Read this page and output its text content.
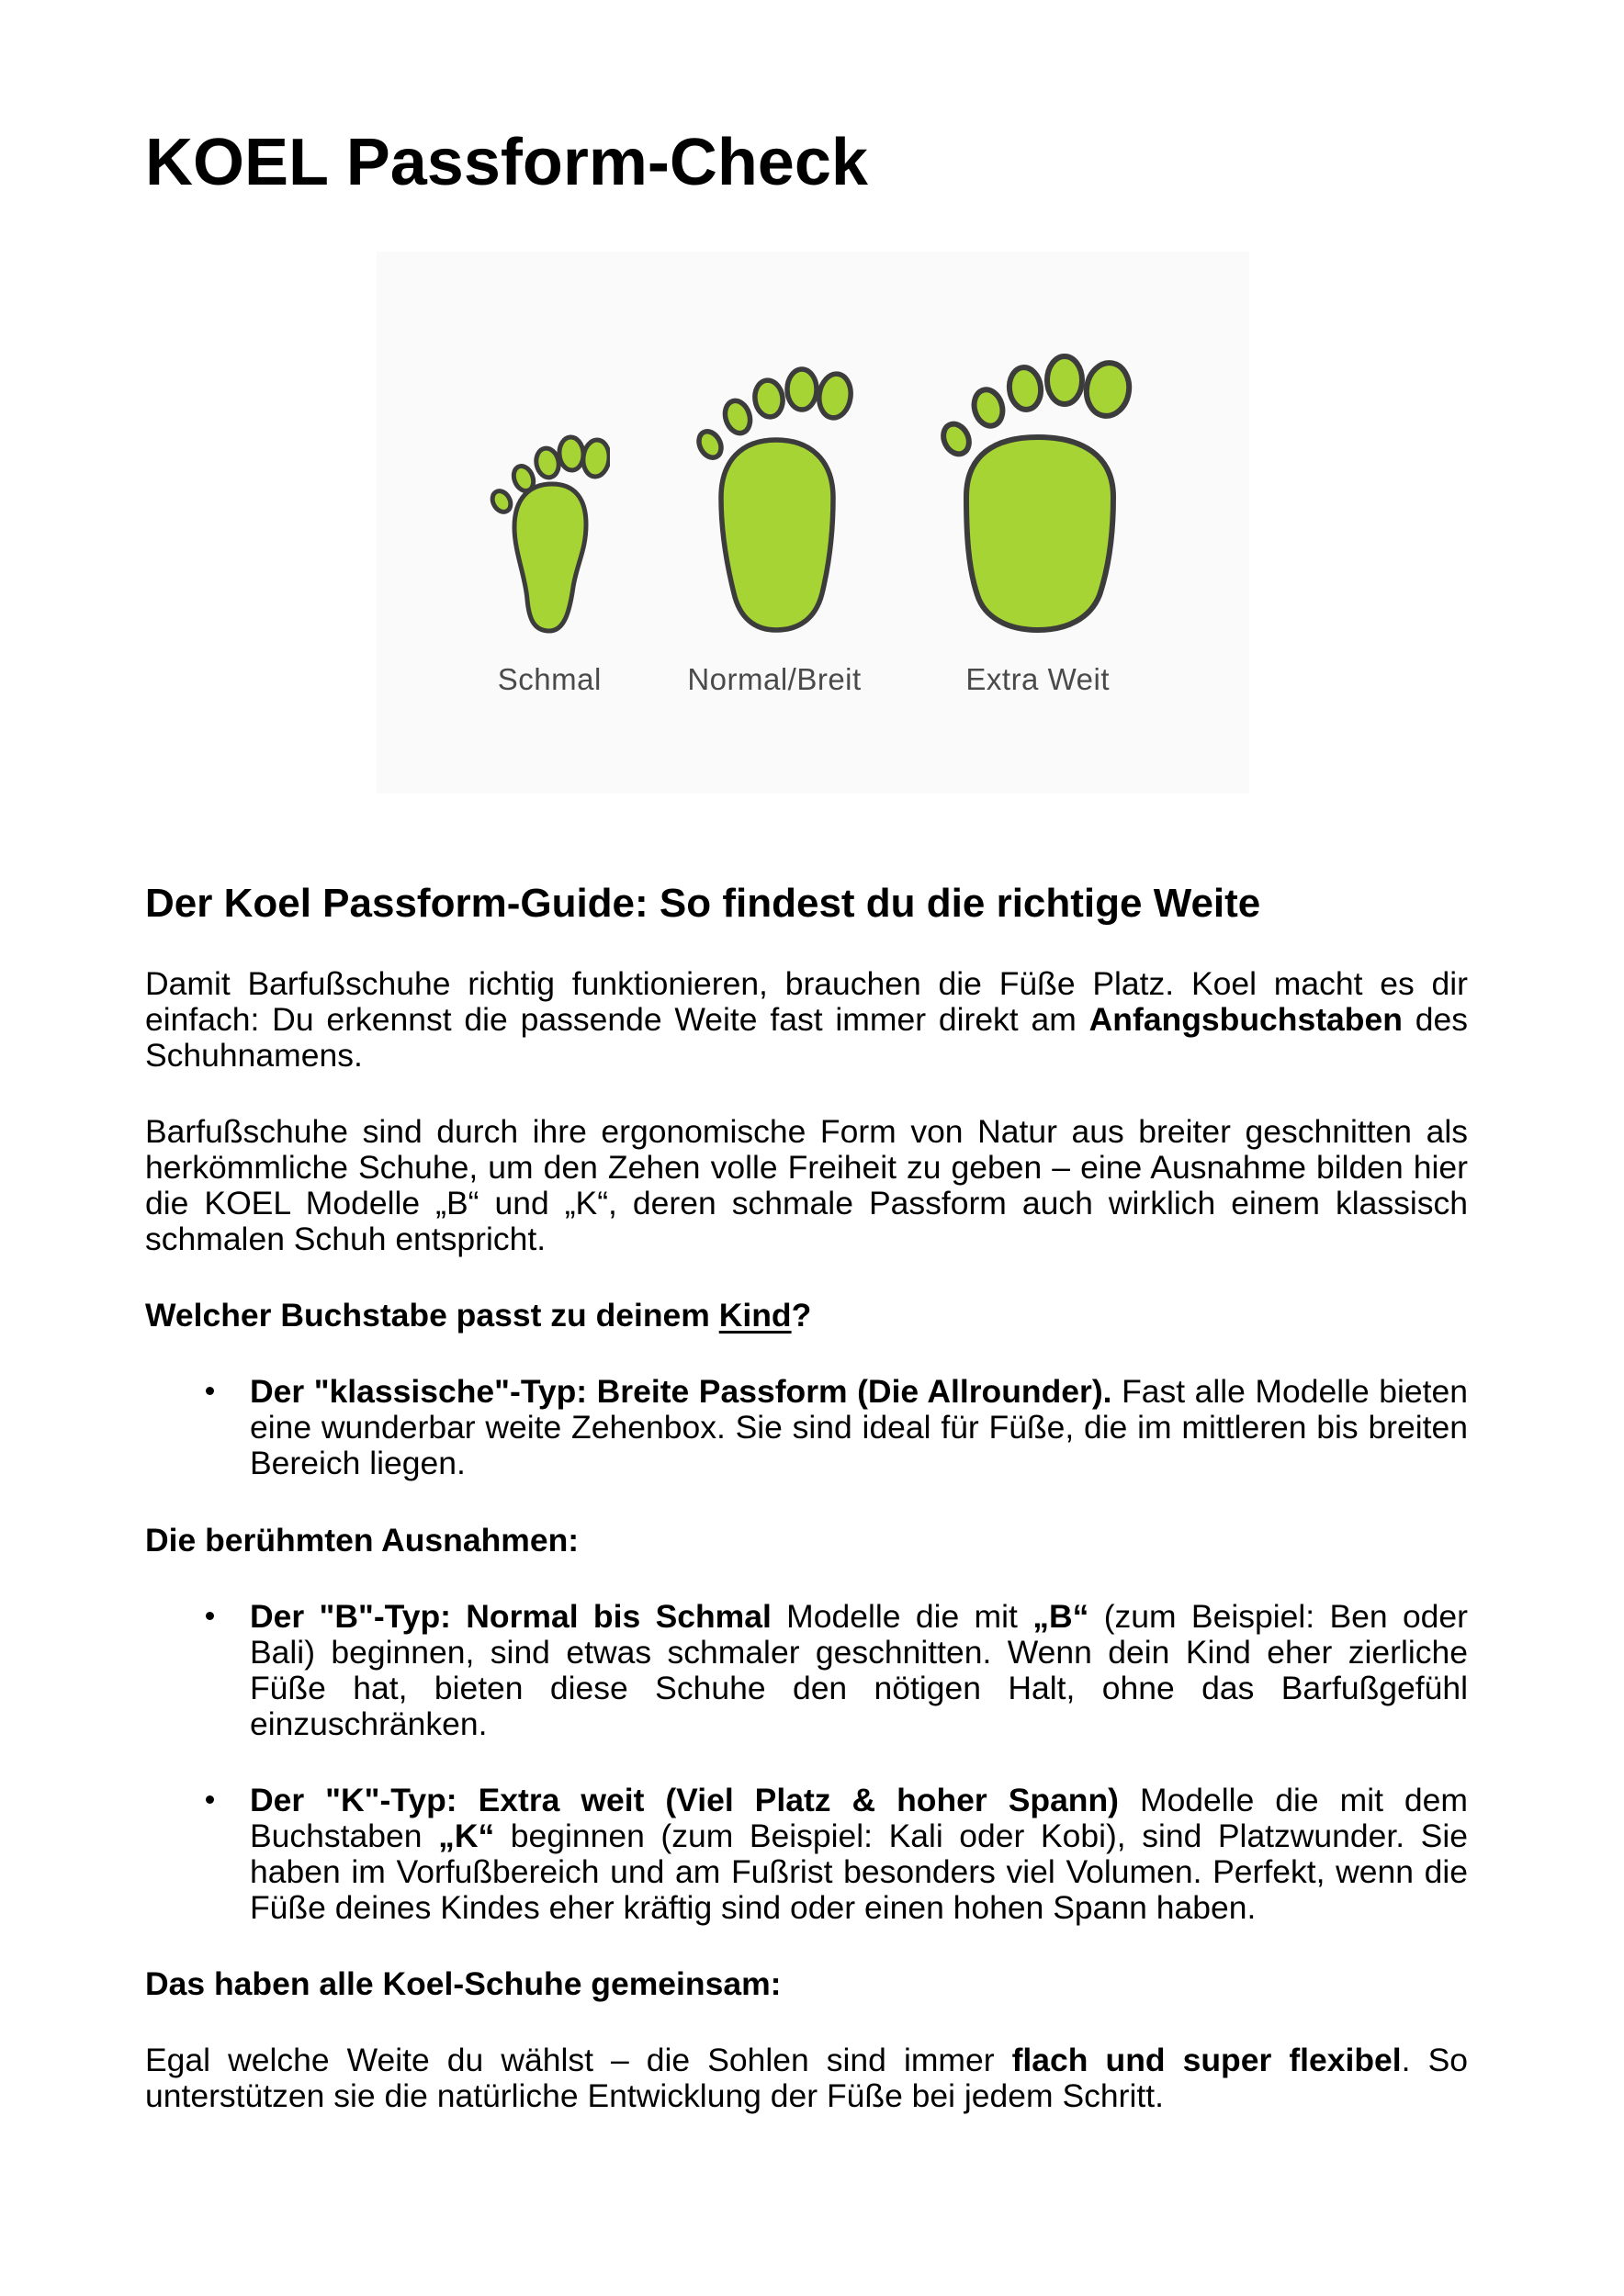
KOEL Passform-Check
Schmal	Normal/Breit	Extra Weit
Der Koel Passform-Guide: So findest du die richtige Weite

Damit Barfußschuhe richtig funktionieren, brauchen die Füße Platz. Koel macht es dir einfach: Du erkennst die passende Weite fast immer direkt am Anfangsbuchstaben des Schuhnamens.

Barfußschuhe sind durch ihre ergonomische Form von Natur aus breiter geschnitten als herkömmliche Schuhe, um den Zehen volle Freiheit zu geben – eine Ausnahme bilden hier die KOEL Modelle „B“ und „K“, deren schmale Passform auch wirklich einem klassisch schmalen Schuh entspricht.

Welcher Buchstabe passt zu deinem Kind?
Der "klassische"-Typ: Breite Passform (Die Allrounder). Fast alle Modelle bieten eine wunderbar weite Zehenbox. Sie sind ideal für Füße, die im mittleren bis breiten Bereich liegen.
Die berühmten Ausnahmen:
Der "B"-Typ: Normal bis Schmal Modelle die mit „B“ (zum Beispiel: Ben oder Bali) beginnen, sind etwas schmaler geschnitten. Wenn dein Kind eher zierliche Füße hat, bieten diese Schuhe den nötigen Halt, ohne das Barfußgefühl einzuschränken.
Der "K"-Typ: Extra weit (Viel Platz & hoher Spann) Modelle die mit dem Buchstaben „K“ beginnen (zum Beispiel: Kali oder Kobi), sind Platzwunder. Sie haben im Vorfußbereich und am Fußrist besonders viel Volumen. Perfekt, wenn die Füße deines Kindes eher kräftig sind oder einen hohen Spann haben.
Das haben alle Koel-Schuhe gemeinsam:

Egal welche Weite du wählst – die Sohlen sind immer flach und super flexibel. So unterstützen sie die natürliche Entwicklung der Füße bei jedem Schritt.
